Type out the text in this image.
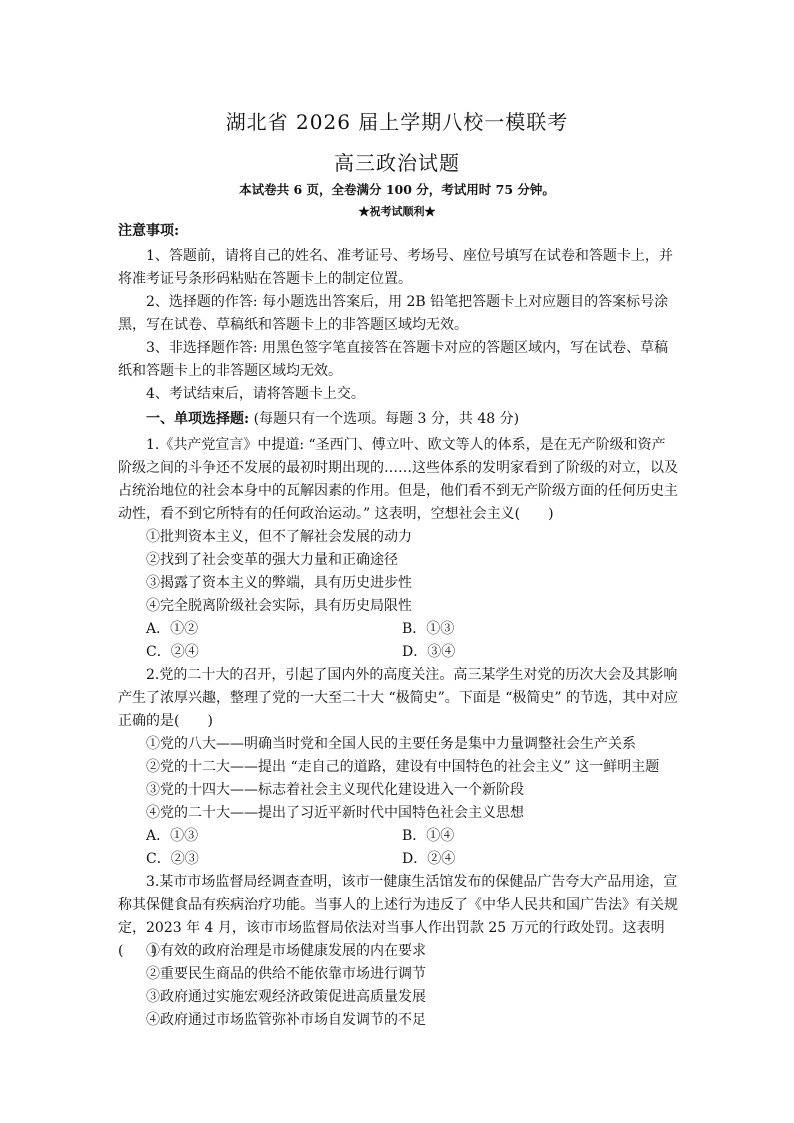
湖北省 2026 届上学期八校一模联考
高三政治试题
本试卷共 6 页，全卷满分 100 分，考试用时 75 分钟。
★祝考试顺利★
注意事项:
1、答题前，请将自己的姓名、准考证号、考场号、座位号填写在试卷和答题卡上，并将准考证号条形码粘贴在答题卡上的制定位置。
2、选择题的作答: 每小题选出答案后，用 2B 铅笔把答题卡上对应题目的答案标号涂黑，写在试卷、草稿纸和答题卡上的非答题区域均无效。
3、非选择题作答: 用黑色签字笔直接答在答题卡对应的答题区域内，写在试卷、草稿纸和答题卡上的非答题区域均无效。
4、考试结束后，请将答题卡上交。
一、单项选择题: (每题只有一个选项。每题 3 分，共 48 分)
1.《共产党宣言》中提道: “圣西门、傅立叶、欧文等人的体系，是在无产阶级和资产阶级之间的斗争还不发展的最初时期出现的……这些体系的发明家看到了阶级的对立，以及占统治地位的社会本身中的瓦解因素的作用。但是，他们看不到无产阶级方面的任何历史主动性，看不到它所特有的任何政治运动。” 这表明，空想社会主义(　　)
①批判资本主义，但不了解社会发展的动力
②找到了社会变革的强大力量和正确途径
③揭露了资本主义的弊端，具有历史进步性
④完全脱离阶级社会实际，具有历史局限性
A．①②	B．①③
C．②④	D．③④
2.党的二十大的召开，引起了国内外的高度关注。高三某学生对党的历次大会及其影响产生了浓厚兴趣，整理了党的一大至二十大 “极简史”。下面是 “极简史” 的节选，其中对应正确的是(　　)
①党的八大——明确当时党和全国人民的主要任务是集中力量调整社会生产关系
②党的十二大——提出 “走自己的道路，建设有中国特色的社会主义” 这一鲜明主题
③党的十四大——标志着社会主义现代化建设进入一个新阶段
④党的二十大——提出了习近平新时代中国特色社会主义思想
A．①③	B．①④
C．②③	D．②④
3.某市市场监督局经调查查明，该市一健康生活馆发布的保健品广告夸大产品用途，宣称其保健食品有疾病治疗功能。当事人的上述行为违反了《中华人民共和国广告法》有关规定，2023 年 4 月，该市市场监督局依法对当事人作出罚款 25 万元的行政处罚。这表明(　　)
①有效的政府治理是市场健康发展的内在要求
②重要民生商品的供给不能依靠市场进行调节
③政府通过实施宏观经济政策促进高质量发展
④政府通过市场监管弥补市场自发调节的不足
